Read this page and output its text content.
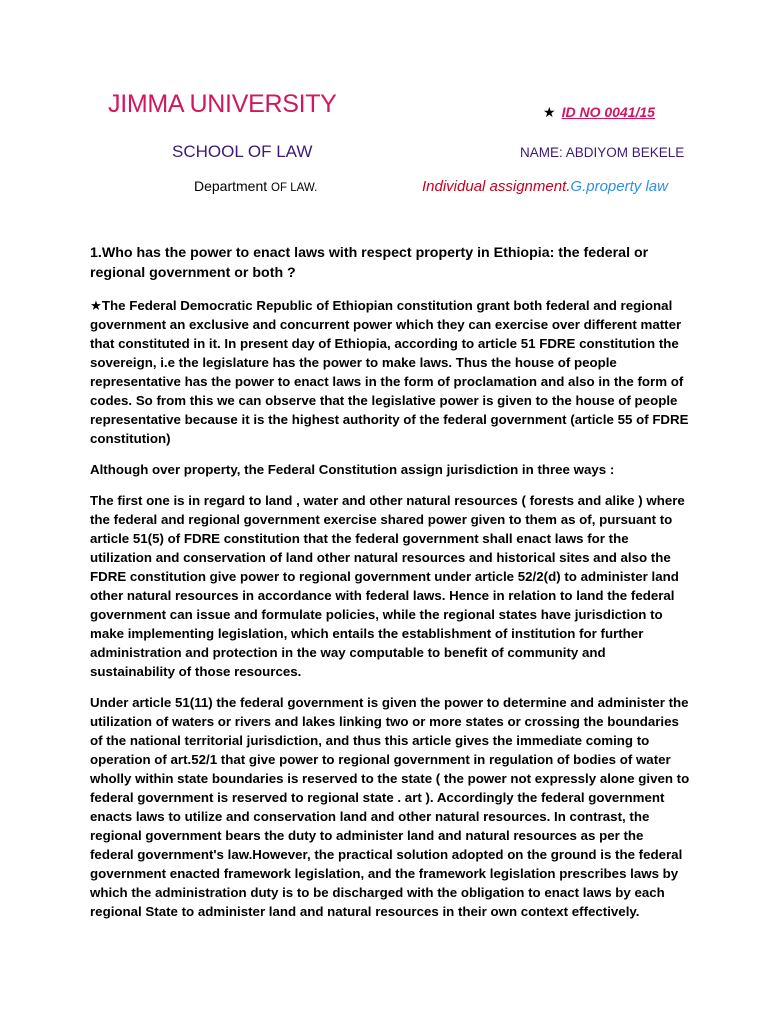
JIMMA UNIVERSITY	★ ID NO 0041/15
SCHOOL OF LAW	NAME: ABDIYOM BEKELE
Department OF LAW.	Individual assignment.G.property law

1.Who has the power to enact laws with respect property in Ethiopia: the federal or regional government or both ?

★The Federal Democratic Republic of Ethiopian constitution grant both federal and regional government an exclusive and concurrent power which they can exercise over different matter that constituted in it. In present day of Ethiopia, according to article 51 FDRE constitution the sovereign, i.e the legislature has the power to make laws. Thus the house of people representative has the power to enact laws in the form of proclamation and also in the form of codes. So from this we can observe that the legislative power is given to the house of people representative because it is the highest authority of the federal government (article 55 of FDRE constitution)

Although over property, the Federal Constitution assign jurisdiction in three ways :

The first one is in regard to land , water and other natural resources ( forests and alike ) where the federal and regional government exercise shared power given to them as of, pursuant to article 51(5) of FDRE constitution that the federal government shall enact laws for the utilization and conservation of land other natural resources and historical sites and also the FDRE constitution give power to regional government under article 52/2(d) to administer land other natural resources in accordance with federal laws. Hence in relation to land the federal government can issue and formulate policies, while the regional states have jurisdiction to make implementing legislation, which entails the establishment of institution for further administration and protection in the way computable to benefit of community and sustainability of those resources.

Under article 51(11) the federal government is given the power to determine and administer the utilization of waters or rivers and lakes linking two or more states or crossing the boundaries of the national territorial jurisdiction, and thus this article gives the immediate coming to operation of art.52/1 that give power to regional government in regulation of bodies of water wholly within state boundaries is reserved to the state ( the power not expressly alone given to federal government is reserved to regional state . art ). Accordingly the federal government enacts laws to utilize and conservation land and other natural resources. In contrast, the regional government bears the duty to administer land and natural resources as per the federal government's law.However, the practical solution adopted on the ground is the federal government enacted framework legislation, and the framework legislation prescribes laws by which the administration duty is to be discharged with the obligation to enact laws by each regional State to administer land and natural resources in their own context effectively.
